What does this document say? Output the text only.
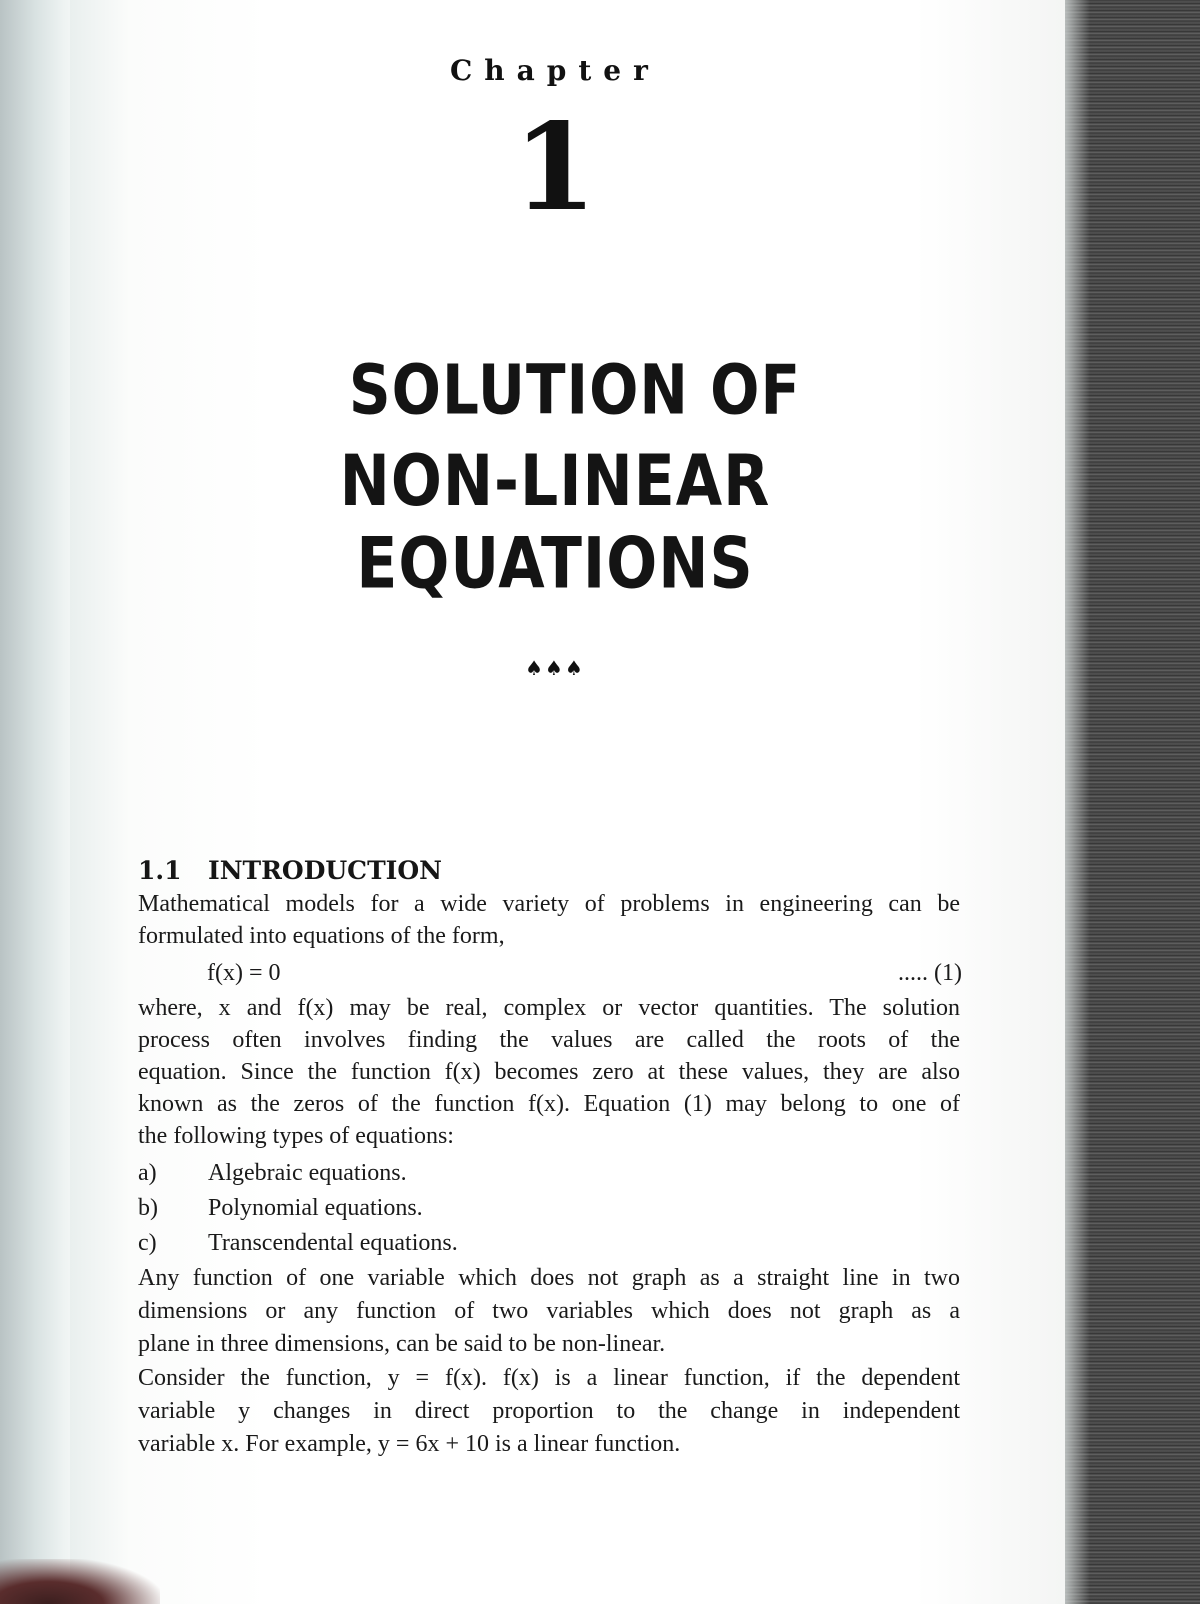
Chapter
1
SOLUTION OF
NON-LINEAR EQUATIONS
♠♠♠
1.1 INTRODUCTION
Mathematical models for a wide variety of problems in engineering can be
formulated into equations of the form,
f(x) = 0	..... (1)
where, x and f(x) may be real, complex or vector quantities. The solution
process often involves finding the values are called the roots of the
equation. Since the function f(x) becomes zero at these values, they are also
known as the zeros of the function f(x). Equation (1) may belong to one of
the following types of equations:
a) Algebraic equations.
b) Polynomial equations.
c) Transcendental equations.
Any function of one variable which does not graph as a straight line in two
dimensions or any function of two variables which does not graph as a
plane in three dimensions, can be said to be non-linear.
Consider the function, y = f(x). f(x) is a linear function, if the dependent
variable y changes in direct proportion to the change in independent
variable x. For example, y = 6x + 10 is a linear function.
